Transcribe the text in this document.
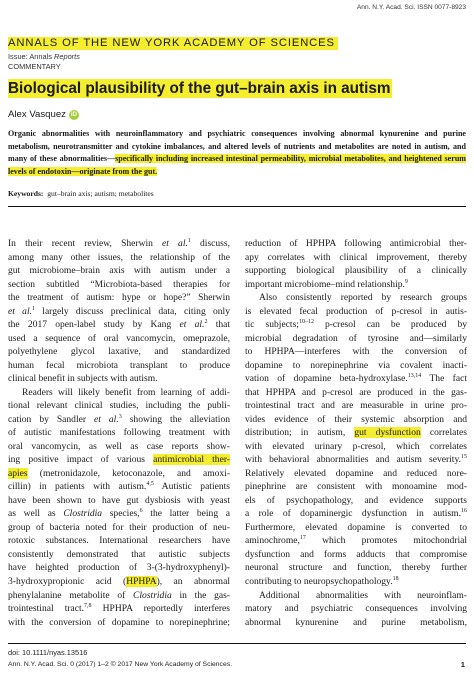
Ann. N.Y. Acad. Sci. ISSN 0077-8923
ANNALS OF THE NEW YORK ACADEMY OF SCIENCES
Issue: Annals Reports
COMMENTARY
Biological plausibility of the gut–brain axis in autism
Alex Vasquez iD
Organic abnormalities with neuroinflammatory and psychiatric consequences involving abnormal kynurenine and purine metabolism, neurotransmitter and cytokine imbalances, and altered levels of nutrients and metabolites are noted in autism, and many of these abnormalities—specifically including increased intestinal permeability, microbial metabolites, and heightened serum levels of endotoxin—originate from the gut.
Keywords: gut–brain axis; autism; metabolites
In their recent review, Sherwin et al.$^1$ discuss,
among many other issues, the relationship of the
gut microbiome–brain axis with autism under a
section subtitled “Microbiota-based therapies for
the treatment of autism: hype or hope?” Sherwin
et al.$^1$ largely discuss preclinical data, citing only
the 2017 open-label study by Kang et al.$^2$ that
used a sequence of oral vancomycin, omeprazole,
polyethylene glycol laxative, and standardized
human fecal microbiota transplant to produce
clinical benefit in subjects with autism.
Readers will likely benefit from learning of addi-
tional relevant clinical studies, including the publi-
cation by Sandler et al.$^3$ showing the alleviation
of autistic manifestations following treatment with
oral vancomycin, as well as case reports show-
ing positive impact of various antimicrobial ther-
apies (metronidazole, ketoconazole, and amoxi-
cillin) in patients with autism.$^{4,5}$ Autistic patients
have been shown to have gut dysbiosis with yeast
as well as Clostridia species,$^6$ the latter being a
group of bacteria noted for their production of neu-
rotoxic substances. International researchers have
consistently demonstrated that autistic subjects
have heighted production of 3-(3-hydroxyphenyl)-
3-hydroxypropionic acid (HPHPA), an abnormal
phenylalanine metabolite of Clostridia in the gas-
trointestinal tract.$^{7,8}$ HPHPA reportedly interferes
with the conversion of dopamine to norepinephrine;
reduction of HPHPA following antimicrobial ther-
apy correlates with clinical improvement, thereby
supporting biological plausibility of a clinically
important microbiome–mind relationship.$^9$
Also consistently reported by research groups
is elevated fecal production of p-cresol in autis-
tic subjects;$^{10-12}$ p-cresol can be produced by
microbial degradation of tyrosine and—similarly
to HPHPA—interferes with the conversion of
dopamine to norepinephrine via covalent inacti-
vation of dopamine beta-hydroxylase.$^{13,14}$ The fact
that HPHPA and p-cresol are produced in the gas-
trointestinal tract and are measurable in urine pro-
vides evidence of their systemic absorption and
distribution; in autism, gut dysfunction correlates
with elevated urinary p-cresol, which correlates
with behavioral abnormalities and autism severity.$^{15}$
Relatively elevated dopamine and reduced nore-
pinephrine are consistent with monoamine mod-
els of psychopathology, and evidence supports
a role of dopaminergic dysfunction in autism.$^{16}$
Furthermore, elevated dopamine is converted to
aminochrome,$^{17}$ which promotes mitochondrial
dysfunction and forms adducts that compromise
neuronal structure and function, thereby further
contributing to neuropsychopathology.$^{18}$
Additional abnormalities with neuroinflam-
matory and psychiatric consequences involving
abnormal kynurenine and purine metabolism,
doi: 10.1111/nyas.13516
Ann. N.Y. Acad. Sci. 0 (2017) 1–2 © 2017 New York Academy of Sciences.	1
